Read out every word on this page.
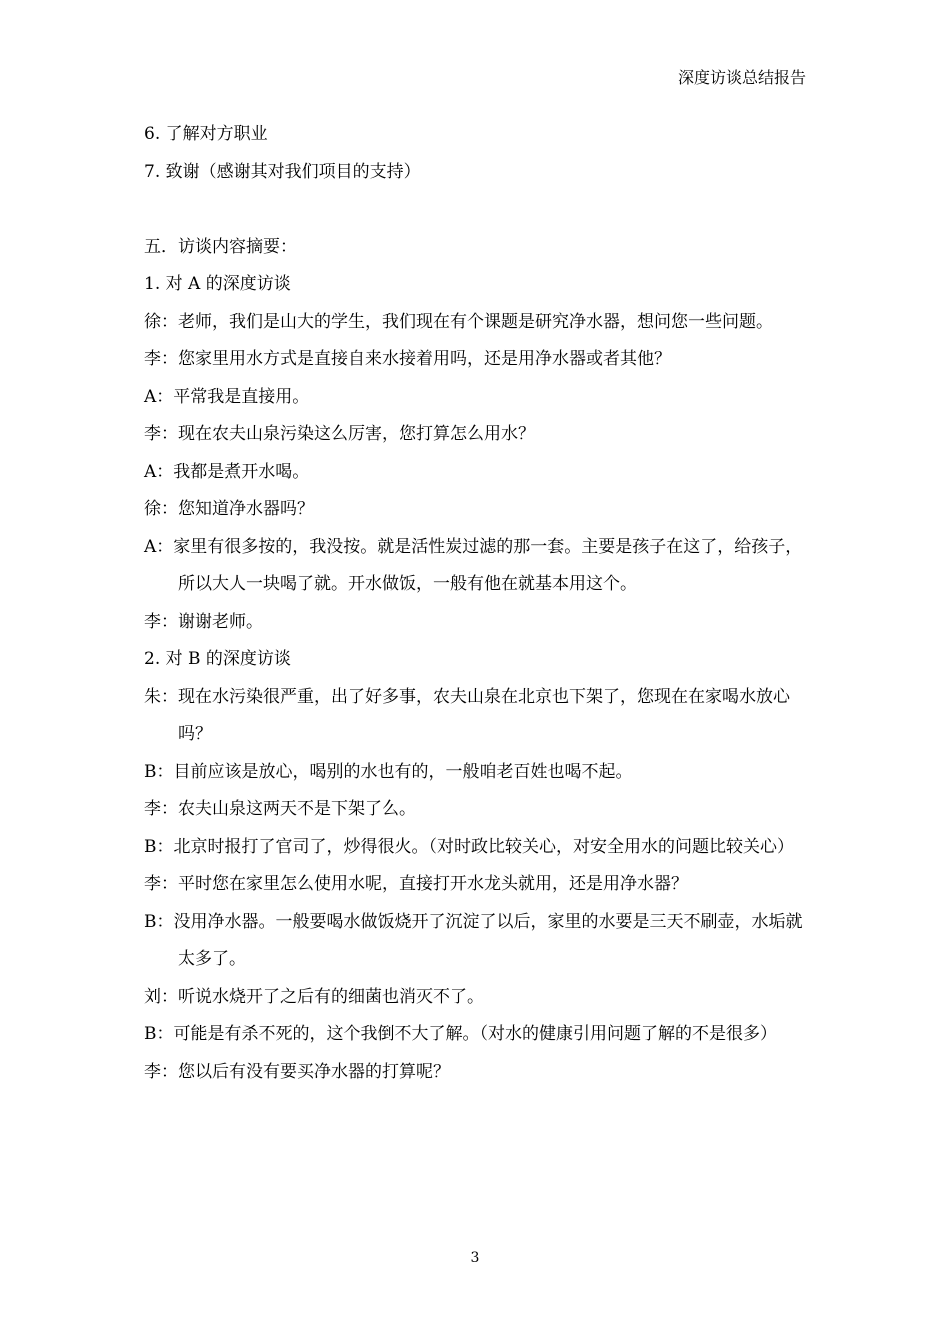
深度访谈总结报告

6. 了解对方职业

7. 致谢（感谢其对我们项目的支持）

五．访谈内容摘要：

1. 对 A 的深度访谈

徐：老师，我们是山大的学生，我们现在有个课题是研究净水器，想问您一些问题。

李：您家里用水方式是直接自来水接着用吗，还是用净水器或者其他？

A：平常我是直接用。

李：现在农夫山泉污染这么厉害，您打算怎么用水？

A：我都是煮开水喝。

徐：您知道净水器吗？

A：家里有很多按的，我没按。就是活性炭过滤的那一套。主要是孩子在这了，给孩子，所以大人一块喝了就。开水做饭，一般有他在就基本用这个。

李：谢谢老师。

2. 对 B 的深度访谈

朱：现在水污染很严重，出了好多事，农夫山泉在北京也下架了，您现在在家喝水放心吗？

B：目前应该是放心，喝别的水也有的，一般咱老百姓也喝不起。

李：农夫山泉这两天不是下架了么。

B：北京时报打了官司了，炒得很火。（对时政比较关心，对安全用水的问题比较关心）

李：平时您在家里怎么使用水呢，直接打开水龙头就用，还是用净水器？

B：没用净水器。一般要喝水做饭烧开了沉淀了以后，家里的水要是三天不刷壶，水垢就太多了。

刘：听说水烧开了之后有的细菌也消灭不了。

B：可能是有杀不死的，这个我倒不大了解。（对水的健康引用问题了解的不是很多）

李：您以后有没有要买净水器的打算呢？

3
